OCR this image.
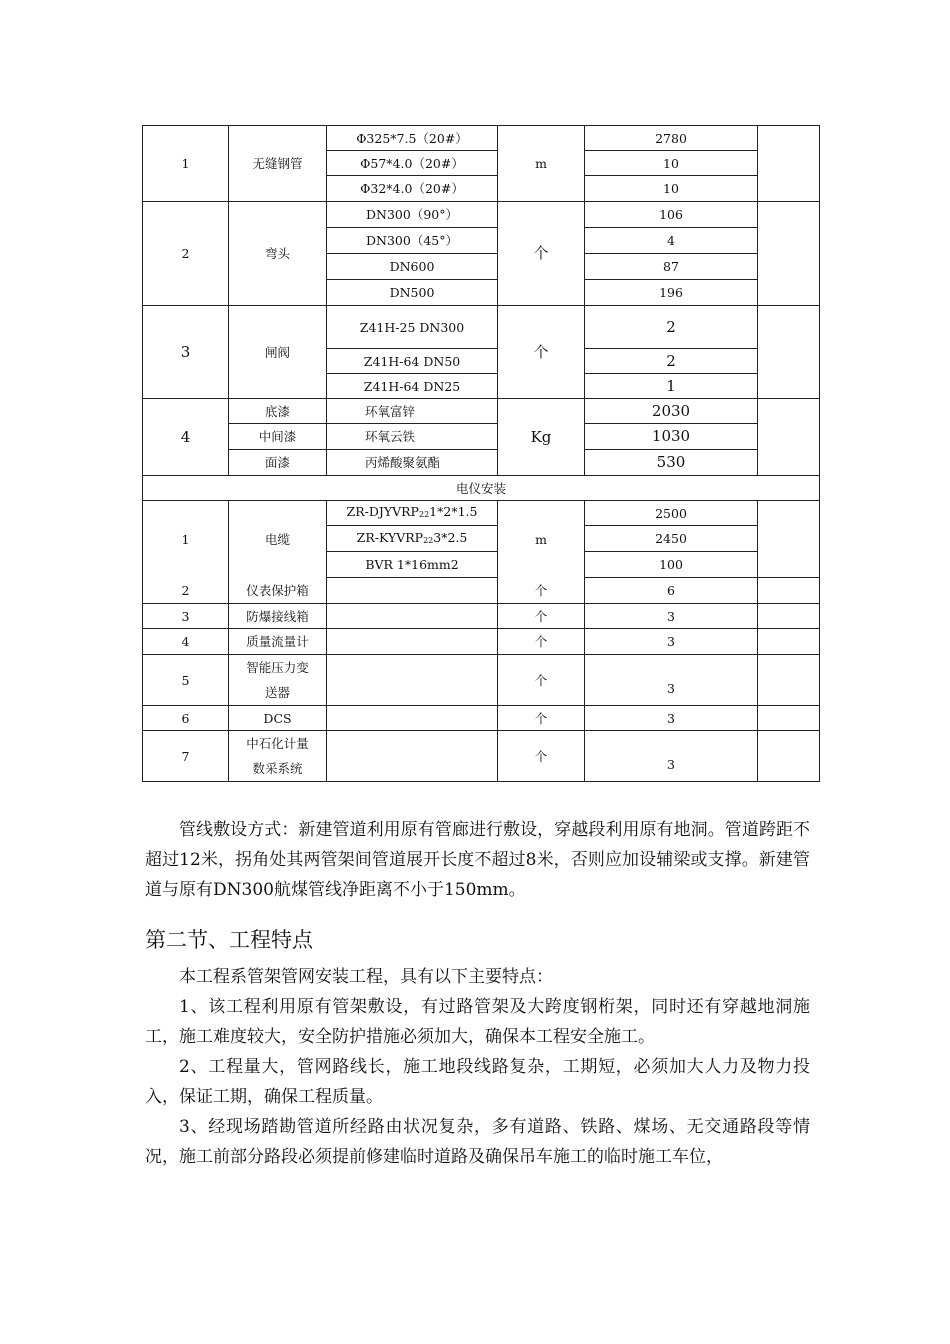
1	无缝钢管	Φ325*7.5（20#）	m	2780	
		Φ57*4.0（20#）		10	
		Φ32*4.0（20#）		10	
2	弯头	DN300（90°）	个	106	
		DN300（45°）		4	
		DN600		87	
		DN500		196	
3	闸阀	Z41H-25 DN300	个	2	
		Z41H-64 DN50		2	
		Z41H-64 DN25		1	
4	底漆	环氧富锌	Kg	2030	
	中间漆	环氧云铁		1030	
	面漆	丙烯酸聚氨酯		530	
电仪安装					
1	电缆	ZR-DJYVRP221*2*1.5	m	2500	
		ZR-KYVRP223*2.5		2450	
		BVR 1*16mm2		100	
2	仪表保护箱		个	6	
3	防爆接线箱		个	3	
4	质量流量计		个	3	
5	智能压力变送器		个	3	

6	DCS		个	3	
7	中石化计量数采系统		个	3	

管线敷设方式：新建管道利用原有管廊进行敷设，穿越段利用原有地洞。管道跨距不超过12米，拐角处其两管架间管道展开长度不超过8米，否则应加设辅梁或支撑。新建管道与原有DN300航煤管线净距离不小于150mm。

第二节、工程特点

本工程系管架管网安装工程，具有以下主要特点：

1、该工程利用原有管架敷设，有过路管架及大跨度钢桁架，同时还有穿越地洞施工，施工难度较大，安全防护措施必须加大，确保本工程安全施工。

2、工程量大，管网路线长，施工地段线路复杂，工期短，必须加大人力及物力投入，保证工期，确保工程质量。

3、经现场踏勘管道所经路由状况复杂，多有道路、铁路、煤场、无交通路段等情况，施工前部分路段必须提前修建临时道路及确保吊车施工的临时施工车位，
